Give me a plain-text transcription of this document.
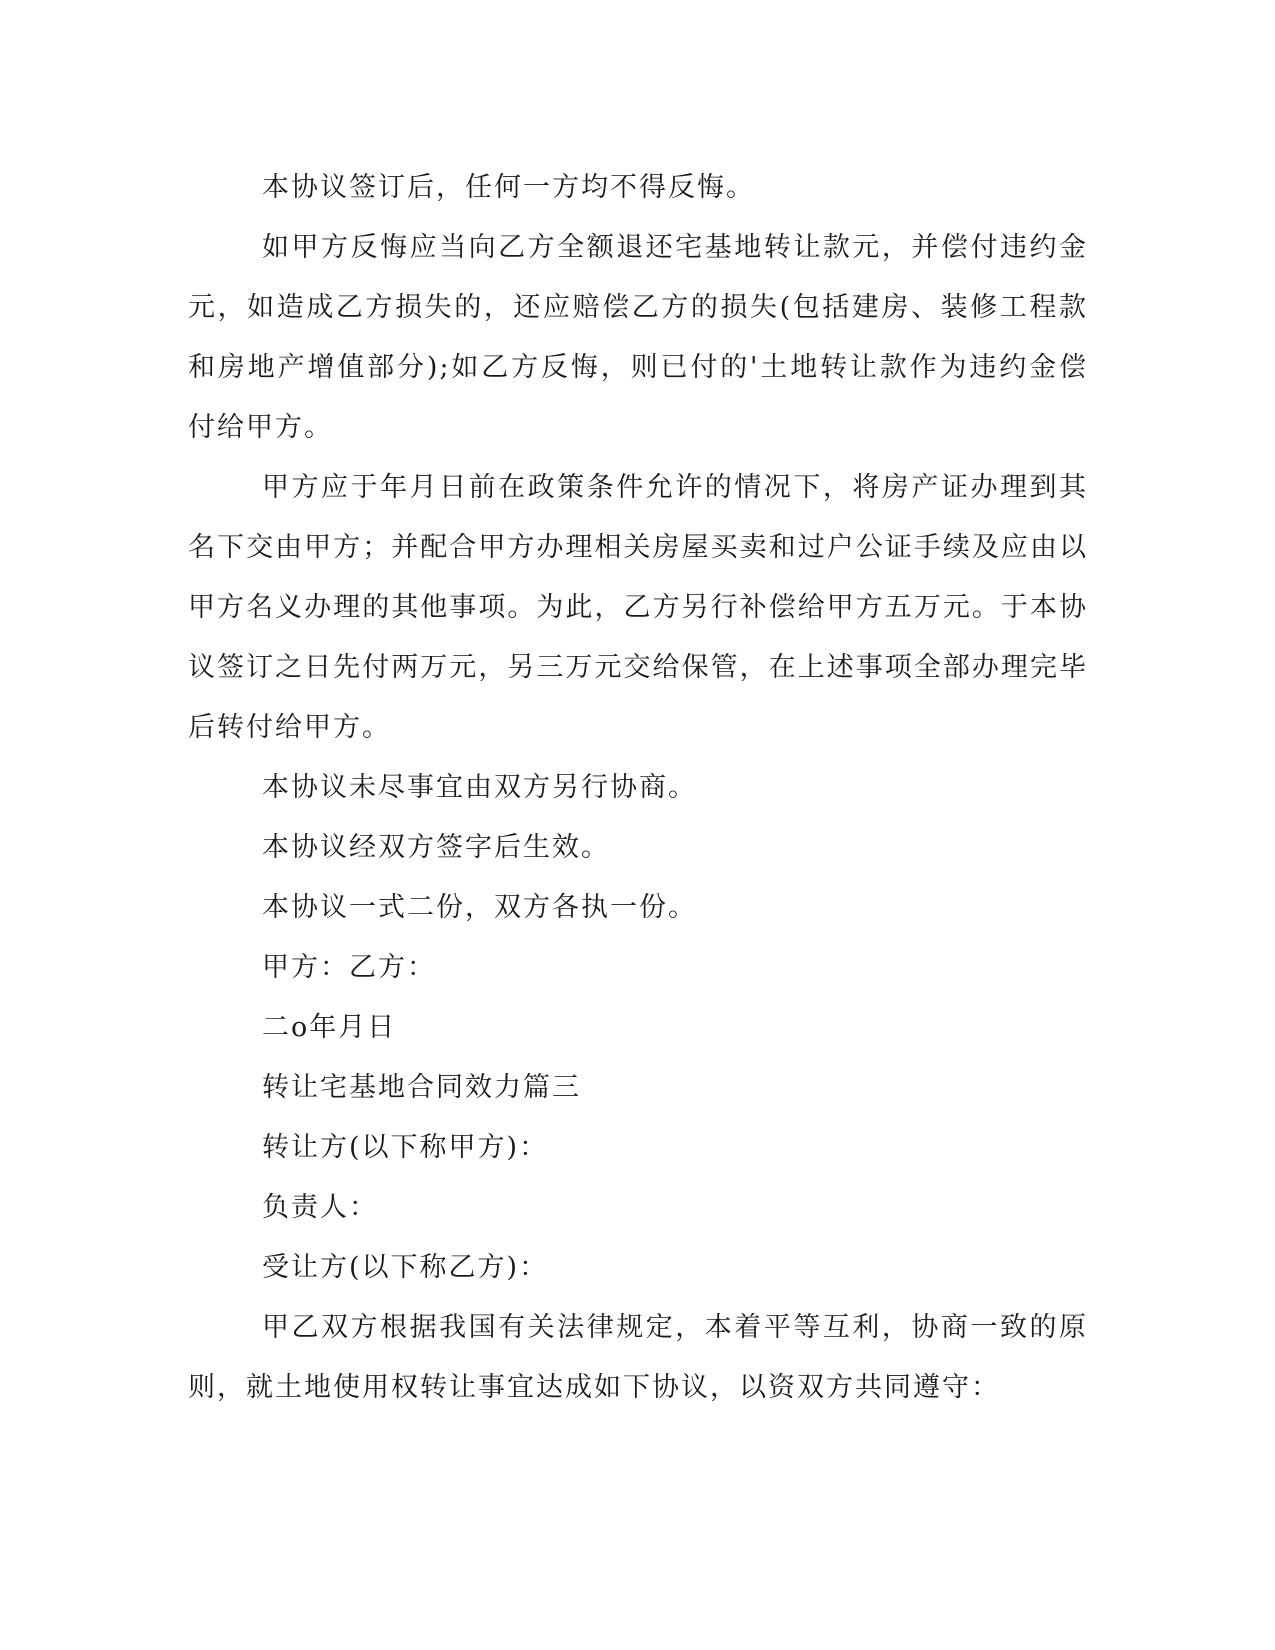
本协议签订后，任何一方均不得反悔。

如甲方反悔应当向乙方全额退还宅基地转让款元，并偿付违约金元，如造成乙方损失的，还应赔偿乙方的损失(包括建房、装修工程款和房地产增值部分);如乙方反悔，则已付的'土地转让款作为违约金偿付给甲方。

甲方应于年月日前在政策条件允许的情况下，将房产证办理到其名下交由甲方；并配合甲方办理相关房屋买卖和过户公证手续及应由以甲方名义办理的其他事项。为此，乙方另行补偿给甲方五万元。于本协议签订之日先付两万元，另三万元交给保管，在上述事项全部办理完毕后转付给甲方。

本协议未尽事宜由双方另行协商。

本协议经双方签字后生效。

本协议一式二份，双方各执一份。

甲方：乙方：

二o年月日

转让宅基地合同效力篇三

转让方(以下称甲方)：

负责人：

受让方(以下称乙方)：

甲乙双方根据我国有关法律规定，本着平等互利，协商一致的原则，就土地使用权转让事宜达成如下协议，以资双方共同遵守：
